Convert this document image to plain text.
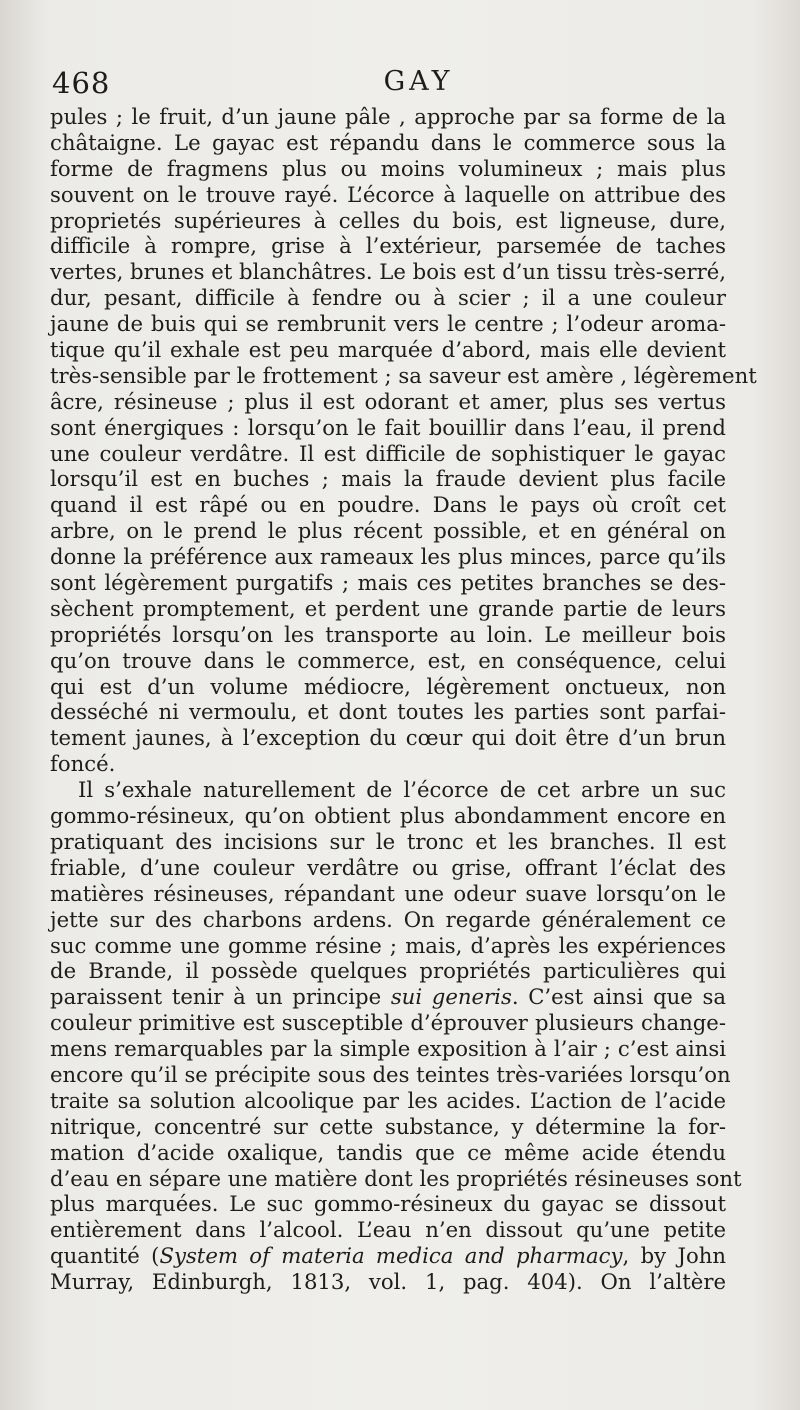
468	GAY
pules ; le fruit, d’un jaune pâle , approche par sa forme de la
châtaigne. Le gayac est répandu dans le commerce sous la
forme de fragmens plus ou moins volumineux ; mais plus
souvent on le trouve rayé. L’écorce à laquelle on attribue des
proprietés supérieures à celles du bois, est ligneuse, dure,
difficile à rompre, grise à l’extérieur, parsemée de taches
vertes, brunes et blanchâtres. Le bois est d’un tissu très-serré,
dur, pesant, difficile à fendre ou à scier ; il a une couleur
jaune de buis qui se rembrunit vers le centre ; l’odeur aroma-
tique qu’il exhale est peu marquée d’abord, mais elle devient
très-sensible par le frottement ; sa saveur est amère , légèrement
âcre, résineuse ; plus il est odorant et amer, plus ses vertus
sont énergiques : lorsqu’on le fait bouillir dans l’eau, il prend
une couleur verdâtre. Il est difficile de sophistiquer le gayac
lorsqu’il est en buches ; mais la fraude devient plus facile
quand il est râpé ou en poudre. Dans le pays où croît cet
arbre, on le prend le plus récent possible, et en général on
donne la préférence aux rameaux les plus minces, parce qu’ils
sont légèrement purgatifs ; mais ces petites branches se des-
sèchent promptement, et perdent une grande partie de leurs
propriétés lorsqu’on les transporte au loin. Le meilleur bois
qu’on trouve dans le commerce, est, en conséquence, celui
qui est d’un volume médiocre, légèrement onctueux, non
desséché ni vermoulu, et dont toutes les parties sont parfai-
tement jaunes, à l’exception du cœur qui doit être d’un brun
foncé.
Il s’exhale naturellement de l’écorce de cet arbre un suc
gommo-résineux, qu’on obtient plus abondamment encore en
pratiquant des incisions sur le tronc et les branches. Il est
friable, d’une couleur verdâtre ou grise, offrant l’éclat des
matières résineuses, répandant une odeur suave lorsqu’on le
jette sur des charbons ardens. On regarde généralement ce
suc comme une gomme résine ; mais, d’après les expériences
de Brande, il possède quelques propriétés particulières qui
paraissent tenir à un principe sui generis. C’est ainsi que sa
couleur primitive est susceptible d’éprouver plusieurs change-
mens remarquables par la simple exposition à l’air ; c’est ainsi
encore qu’il se précipite sous des teintes très-variées lorsqu’on
traite sa solution alcoolique par les acides. L’action de l’acide
nitrique, concentré sur cette substance, y détermine la for-
mation d’acide oxalique, tandis que ce même acide étendu
d’eau en sépare une matière dont les propriétés résineuses sont
plus marquées. Le suc gommo-résineux du gayac se dissout
entièrement dans l’alcool. L’eau n’en dissout qu’une petite
quantité (System of materia medica and pharmacy, by John
Murray, Edinburgh, 1813, vol. 1, pag. 404). On l’altère
